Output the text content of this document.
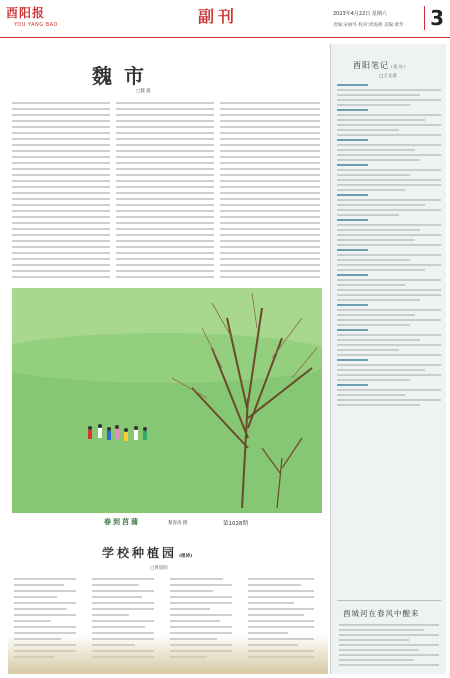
酉阳报
YOU YANG BAO	副刊	2023年4月22日 星期六
责编:宋丽华 校对:周海燕 美编:黄琴	3
魏市
□魏 鑫
春到莒蒲	黎春涛 摄	第1028期
学校种植园 (组诗)
□黄晨阳
酉阳笔记 (组诗)
□王文清
酉城河在春风中醒来
